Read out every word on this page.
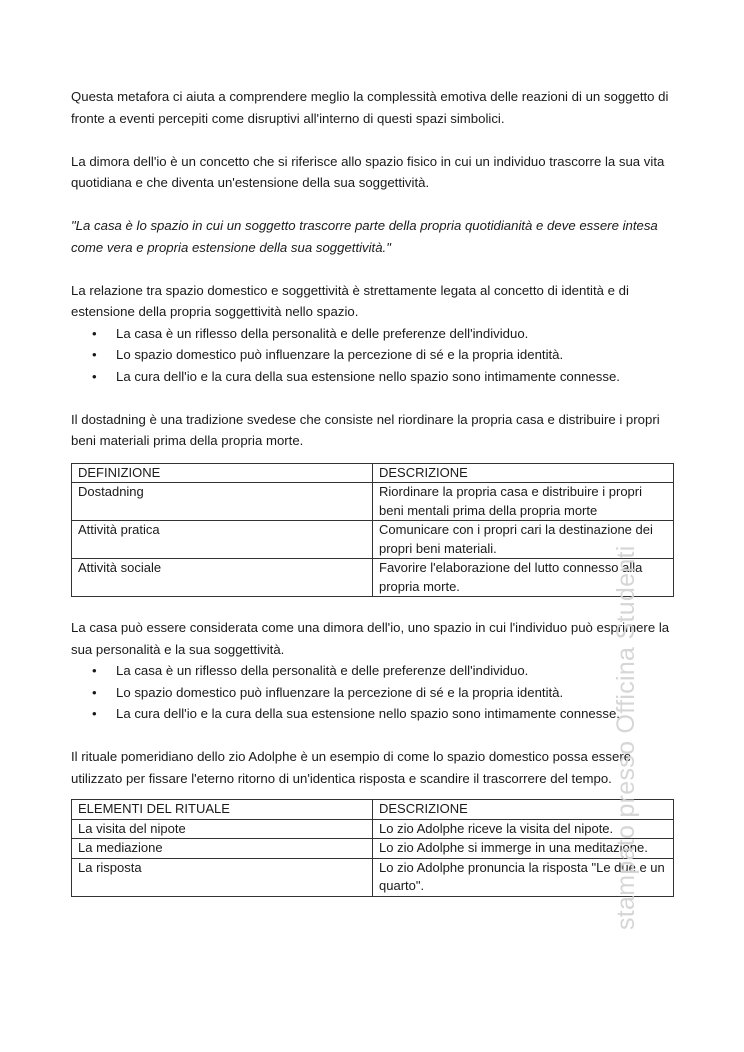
Questa metafora ci aiuta a comprendere meglio la complessità emotiva delle reazioni di un soggetto di fronte a eventi percepiti come disruptivi all'interno di questi spazi simbolici.

La dimora dell'io è un concetto che si riferisce allo spazio fisico in cui un individuo trascorre la sua vita quotidiana e che diventa un'estensione della sua soggettività.

"La casa è lo spazio in cui un soggetto trascorre parte della propria quotidianità e deve essere intesa come vera e propria estensione della sua soggettività."

La relazione tra spazio domestico e soggettività è strettamente legata al concetto di identità e di estensione della propria soggettività nello spazio.

• La casa è un riflesso della personalità e delle preferenze dell'individuo.
• Lo spazio domestico può influenzare la percezione di sé e la propria identità.
• La cura dell'io e la cura della sua estensione nello spazio sono intimamente connesse.

Il dostadning è una tradizione svedese che consiste nel riordinare la propria casa e distribuire i propri beni materiali prima della propria morte.

DEFINIZIONE	DESCRIZIONE
Dostadning	Riordinare la propria casa e distribuire i propri beni mentali prima della propria morte
Attività pratica	Comunicare con i propri cari la destinazione dei propri beni materiali.
Attività sociale	Favorire l'elaborazione del lutto connesso alla propria morte.

La casa può essere considerata come una dimora dell'io, uno spazio in cui l'individuo può esprimere la sua personalità e la sua soggettività.

• La casa è un riflesso della personalità e delle preferenze dell'individuo.
• Lo spazio domestico può influenzare la percezione di sé e la propria identità.
• La cura dell'io e la cura della sua estensione nello spazio sono intimamente connesse.

Il rituale pomeridiano dello zio Adolphe è un esempio di come lo spazio domestico possa essere utilizzato per fissare l'eterno ritorno di un'identica risposta e scandire il trascorrere del tempo.

ELEMENTI DEL RITUALE	DESCRIZIONE
La visita del nipote	Lo zio Adolphe riceve la visita del nipote.
La mediazione	Lo zio Adolphe si immerge in una meditazione.
La risposta	Lo zio Adolphe pronuncia la risposta "Le due e un quarto".	stampato presso Officina Studenti
